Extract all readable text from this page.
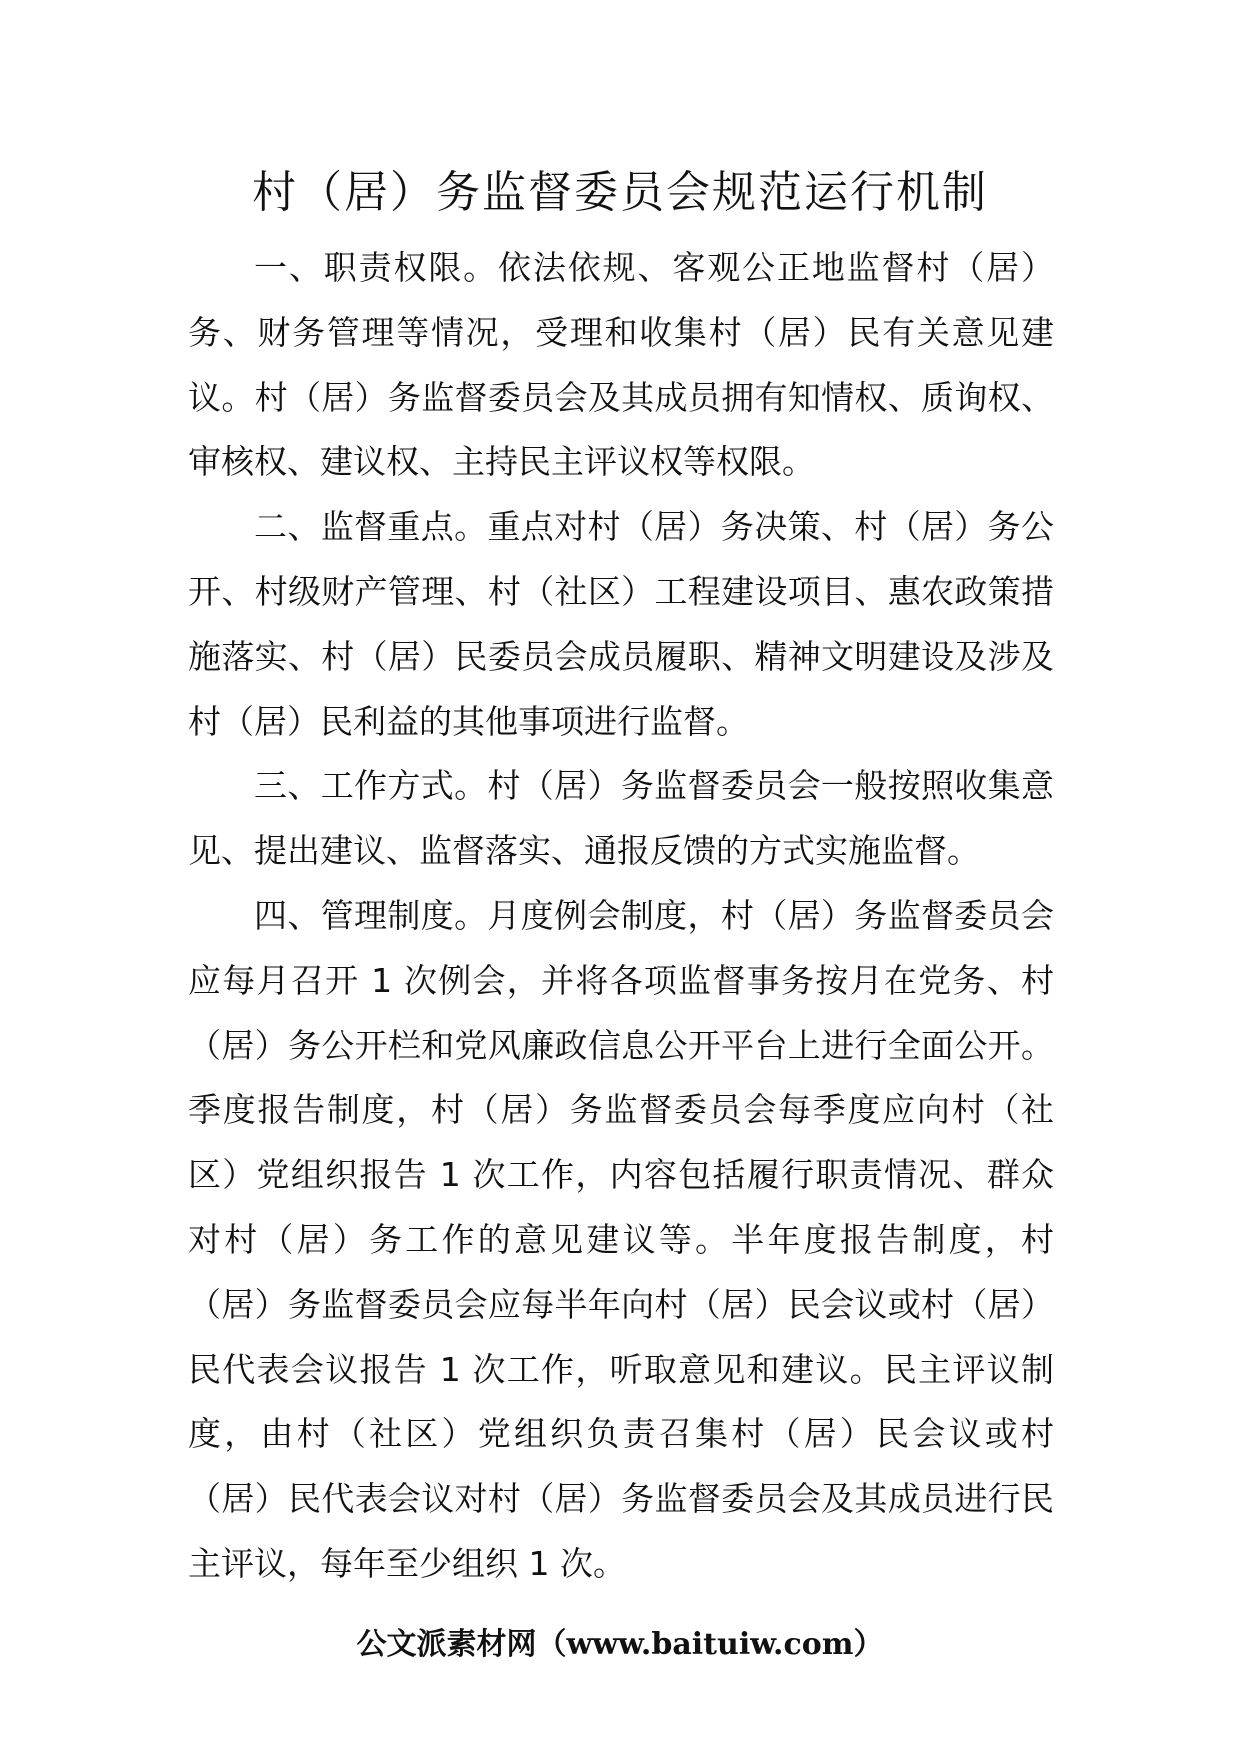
村（居）务监督委员会规范运行机制

一、职责权限。依法依规、客观公正地监督村（居）务、财务管理等情况，受理和收集村（居）民有关意见建议。村（居）务监督委员会及其成员拥有知情权、质询权、审核权、建议权、主持民主评议权等权限。

二、监督重点。重点对村（居）务决策、村（居）务公开、村级财产管理、村（社区）工程建设项目、惠农政策措施落实、村（居）民委员会成员履职、精神文明建设及涉及村（居）民利益的其他事项进行监督。

三、工作方式。村（居）务监督委员会一般按照收集意见、提出建议、监督落实、通报反馈的方式实施监督。

四、管理制度。月度例会制度，村（居）务监督委员会应每月召开 1 次例会，并将各项监督事务按月在党务、村（居）务公开栏和党风廉政信息公开平台上进行全面公开。季度报告制度，村（居）务监督委员会每季度应向村（社区）党组织报告 1 次工作，内容包括履行职责情况、群众对村（居）务工作的意见建议等。半年度报告制度，村（居）务监督委员会应每半年向村（居）民会议或村（居）民代表会议报告 1 次工作，听取意见和建议。民主评议制度，由村（社区）党组织负责召集村（居）民会议或村（居）民代表会议对村（居）务监督委员会及其成员进行民主评议，每年至少组织 1 次。

公文派素材网（www.baituiw.com）
